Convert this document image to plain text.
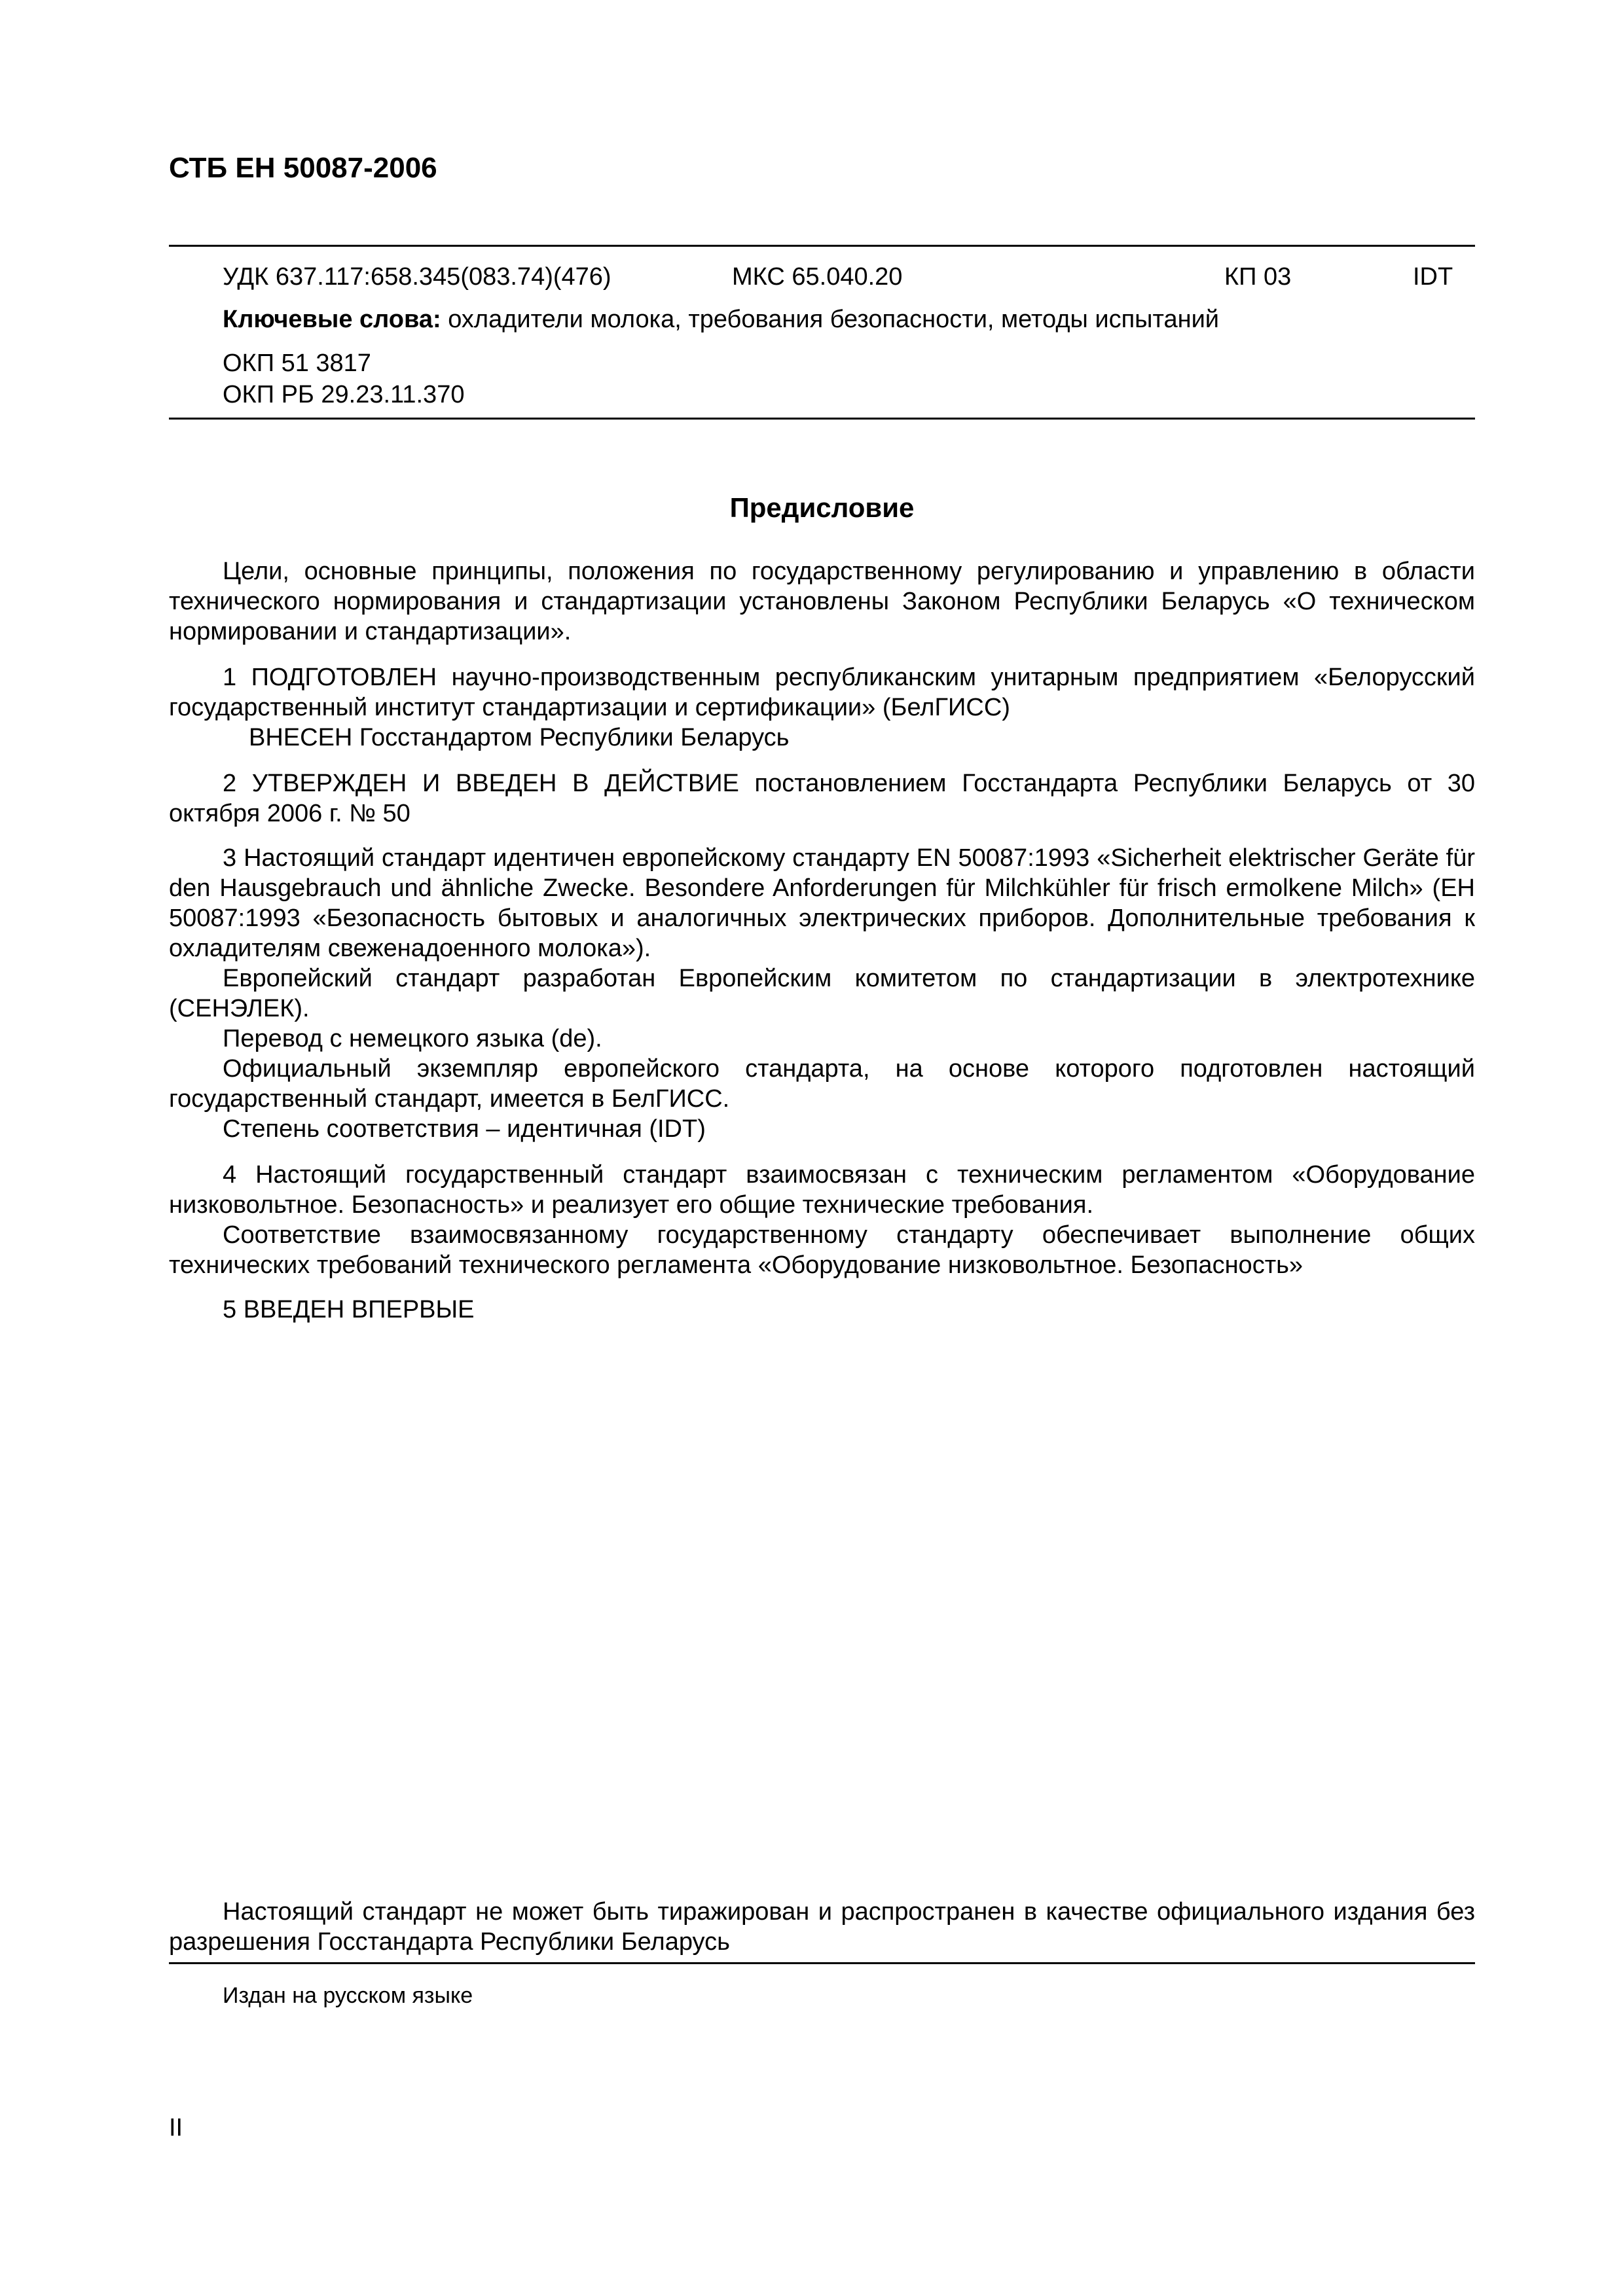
СТБ ЕН 50087-2006
УДК 637.117:658.345(083.74)(476)	МКС 65.040.20	КП 03	IDT
Ключевые слова: охладители молока, требования безопасности, методы испытаний
ОКП 51 3817
ОКП РБ 29.23.11.370
Предисловие

Цели, основные принципы, положения по государственному регулированию и управлению в области технического нормирования и стандартизации установлены Законом Республики Беларусь «О техническом нормировании и стандартизации».

1 ПОДГОТОВЛЕН научно-производственным республиканским унитарным предприятием «Белорусский государственный институт стандартизации и сертификации» (БелГИСС)

ВНЕСЕН Госстандартом Республики Беларусь

2 УТВЕРЖДЕН И ВВЕДЕН В ДЕЙСТВИЕ постановлением Госстандарта Республики Беларусь от 30 октября 2006 г. № 50

3 Настоящий стандарт идентичен европейскому стандарту EN 50087:1993 «Sicherheit elektrischer Geräte für den Hausgebrauch und ähnliche Zwecke. Besondere Anforderungen für Milchkühler für frisch ermolkene Milch» (ЕН 50087:1993 «Безопасность бытовых и аналогичных электрических приборов. Дополнительные требования к охладителям свеженадоенного молока»).

Европейский стандарт разработан Европейским комитетом по стандартизации в электротехнике (СЕНЭЛЕК).

Перевод с немецкого языка (de).

Официальный экземпляр европейского стандарта, на основе которого подготовлен настоящий государственный стандарт, имеется в БелГИСС.

Степень соответствия – идентичная (IDT)

4 Настоящий государственный стандарт взаимосвязан с техническим регламентом «Оборудование низковольтное. Безопасность» и реализует его общие технические требования.

Соответствие взаимосвязанному государственному стандарту обеспечивает выполнение общих технических требований технического регламента «Оборудование низковольтное. Безопасность»

5 ВВЕДЕН ВПЕРВЫЕ

Настоящий стандарт не может быть тиражирован и распространен в качестве официального издания без разрешения Госстандарта Республики Беларусь

Издан на русском языке
II
